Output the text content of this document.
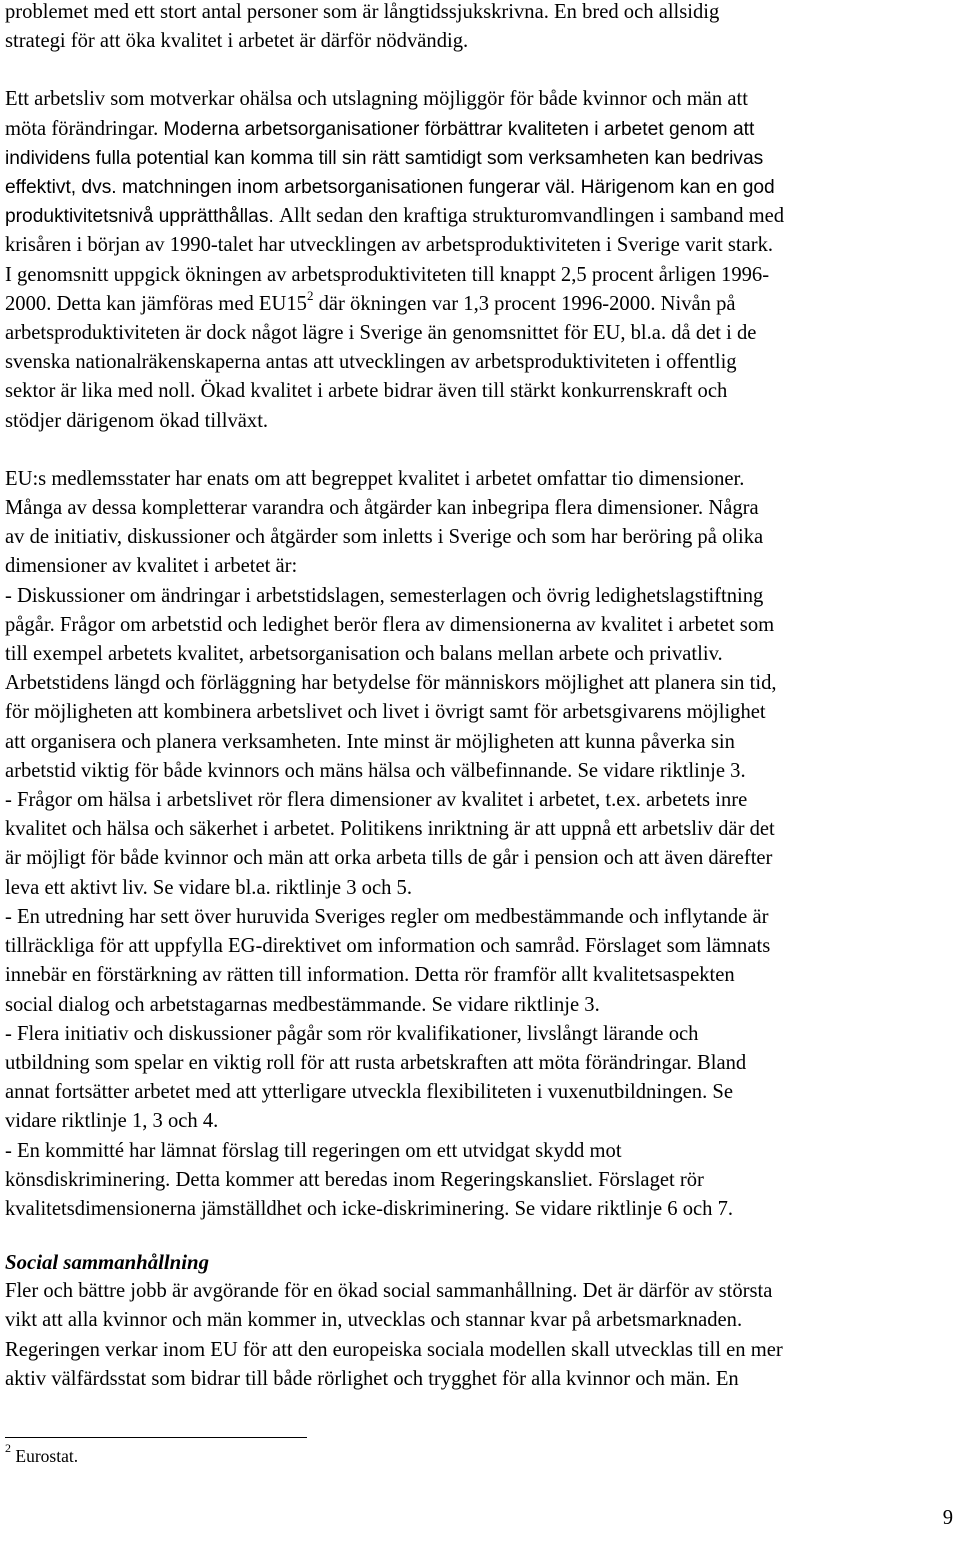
problemet med ett stort antal personer som är långtidssjukskrivna. En bred och allsidig
strategi för att öka kvalitet i arbetet är därför nödvändig.
Ett arbetsliv som motverkar ohälsa och utslagning möjliggör för både kvinnor och män att
möta förändringar. Moderna arbetsorganisationer förbättrar kvaliteten i arbetet genom att
individens fulla potential kan komma till sin rätt samtidigt som verksamheten kan bedrivas
effektivt, dvs. matchningen inom arbetsorganisationen fungerar väl. Härigenom kan en god
produktivitetsnivå upprätthållas. Allt sedan den kraftiga strukturomvandlingen i samband med
krisåren i början av 1990-talet har utvecklingen av arbetsproduktiviteten i Sverige varit stark.
I genomsnitt uppgick ökningen av arbetsproduktiviteten till knappt 2,5 procent årligen 1996-
2000. Detta kan jämföras med $EU15^2$ där ökningen var 1,3 procent 1996-2000. Nivån på
arbetsproduktiviteten är dock något lägre i Sverige än genomsnittet för EU, bl.a. då det i de
svenska nationalräkenskaperna antas att utvecklingen av arbetsproduktiviteten i offentlig
sektor är lika med noll. Ökad kvalitet i arbete bidrar även till stärkt konkurrenskraft och
stödjer därigenom ökad tillväxt.
EU:s medlemsstater har enats om att begreppet kvalitet i arbetet omfattar tio dimensioner.
Många av dessa kompletterar varandra och åtgärder kan inbegripa flera dimensioner. Några
av de initiativ, diskussioner och åtgärder som inletts i Sverige och som har beröring på olika
dimensioner av kvalitet i arbetet är:
- Diskussioner om ändringar i arbetstidslagen, semesterlagen och övrig ledighetslagstiftning
pågår. Frågor om arbetstid och ledighet berör flera av dimensionerna av kvalitet i arbetet som
till exempel arbetets kvalitet, arbetsorganisation och balans mellan arbete och privatliv.
Arbetstidens längd och förläggning har betydelse för människors möjlighet att planera sin tid,
för möjligheten att kombinera arbetslivet och livet i övrigt samt för arbetsgivarens möjlighet
att organisera och planera verksamheten. Inte minst är möjligheten att kunna påverka sin
arbetstid viktig för både kvinnors och mäns hälsa och välbefinnande. Se vidare riktlinje 3.
- Frågor om hälsa i arbetslivet rör flera dimensioner av kvalitet i arbetet, t.ex. arbetets inre
kvalitet och hälsa och säkerhet i arbetet. Politikens inriktning är att uppnå ett arbetsliv där det
är möjligt för både kvinnor och män att orka arbeta tills de går i pension och att även därefter
leva ett aktivt liv. Se vidare bl.a. riktlinje 3 och 5.
- En utredning har sett över huruvida Sveriges regler om medbestämmande och inflytande är
tillräckliga för att uppfylla EG-direktivet om information och samråd. Förslaget som lämnats
innebär en förstärkning av rätten till information. Detta rör framför allt kvalitetsaspekten
social dialog och arbetstagarnas medbestämmande. Se vidare riktlinje 3.
- Flera initiativ och diskussioner pågår som rör kvalifikationer, livslångt lärande och
utbildning som spelar en viktig roll för att rusta arbetskraften att möta förändringar. Bland
annat fortsätter arbetet med att ytterligare utveckla flexibiliteten i vuxenutbildningen. Se
vidare riktlinje 1, 3 och 4.
- En kommitté har lämnat förslag till regeringen om ett utvidgat skydd mot
könsdiskriminering. Detta kommer att beredas inom Regeringskansliet. Förslaget rör
kvalitetsdimensionerna jämställdhet och icke-diskriminering. Se vidare riktlinje 6 och 7.
Social sammanhållning
Fler och bättre jobb är avgörande för en ökad social sammanhållning. Det är därför av största
vikt att alla kvinnor och män kommer in, utvecklas och stannar kvar på arbetsmarknaden.
Regeringen verkar inom EU för att den europeiska sociala modellen skall utvecklas till en mer
aktiv välfärdsstat som bidrar till både rörlighet och trygghet för alla kvinnor och män. En
$^2$ Eurostat.
9
